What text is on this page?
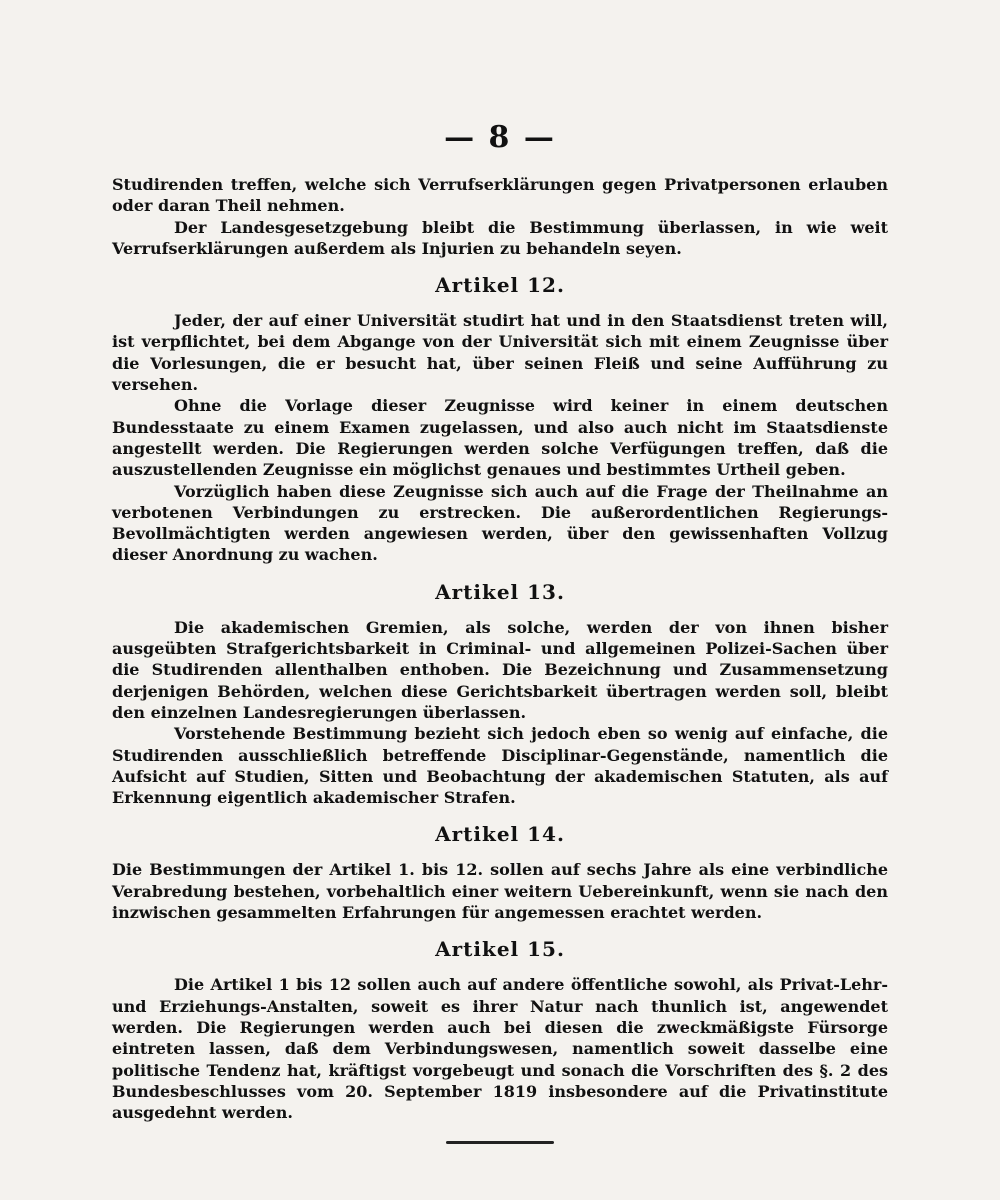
— 8 —

Studirenden treffen, welche sich Verrufserklärungen gegen Privatpersonen erlauben oder daran Theil nehmen.

Der Landesgesetzgebung bleibt die Bestimmung überlassen, in wie weit Verrufserklärungen außerdem als Injurien zu behandeln seyen.

Artikel 12.

Jeder, der auf einer Universität studirt hat und in den Staatsdienst treten will, ist verpflichtet, bei dem Abgange von der Universität sich mit einem Zeugnisse über die Vorlesungen, die er besucht hat, über seinen Fleiß und seine Aufführung zu versehen.

Ohne die Vorlage dieser Zeugnisse wird keiner in einem deutschen Bundesstaate zu einem Examen zugelassen, und also auch nicht im Staatsdienste angestellt werden. Die Regierungen werden solche Verfügungen treffen, daß die auszustellenden Zeugnisse ein möglichst genaues und bestimmtes Urtheil geben.

Vorzüglich haben diese Zeugnisse sich auch auf die Frage der Theilnahme an verbotenen Verbindungen zu erstrecken. Die außerordentlichen Regierungs-Bevollmächtigten werden angewiesen werden, über den gewissenhaften Vollzug dieser Anordnung zu wachen.

Artikel 13.

Die akademischen Gremien, als solche, werden der von ihnen bisher ausgeübten Strafgerichtsbarkeit in Criminal- und allgemeinen Polizei-Sachen über die Studirenden allenthalben enthoben. Die Bezeichnung und Zusammensetzung derjenigen Behörden, welchen diese Gerichtsbarkeit übertragen werden soll, bleibt den einzelnen Landesregierungen überlassen.

Vorstehende Bestimmung bezieht sich jedoch eben so wenig auf einfache, die Studirenden ausschließlich betreffende Disciplinar-Gegenstände, namentlich die Aufsicht auf Studien, Sitten und Beobachtung der akademischen Statuten, als auf Erkennung eigentlich akademischer Strafen.

Artikel 14.

Die Bestimmungen der Artikel 1. bis 12. sollen auf sechs Jahre als eine verbindliche Verabredung bestehen, vorbehaltlich einer weitern Uebereinkunft, wenn sie nach den inzwischen gesammelten Erfahrungen für angemessen erachtet werden.

Artikel 15.

Die Artikel 1 bis 12 sollen auch auf andere öffentliche sowohl, als Privat-Lehr- und Erziehungs-Anstalten, soweit es ihrer Natur nach thunlich ist, angewendet werden. Die Regierungen werden auch bei diesen die zweckmäßigste Fürsorge eintreten lassen, daß dem Verbindungswesen, namentlich soweit dasselbe eine politische Tendenz hat, kräftigst vorgebeugt und sonach die Vorschriften des §. 2 des Bundesbeschlusses vom 20. September 1819 insbesondere auf die Privatinstitute ausgedehnt werden.
